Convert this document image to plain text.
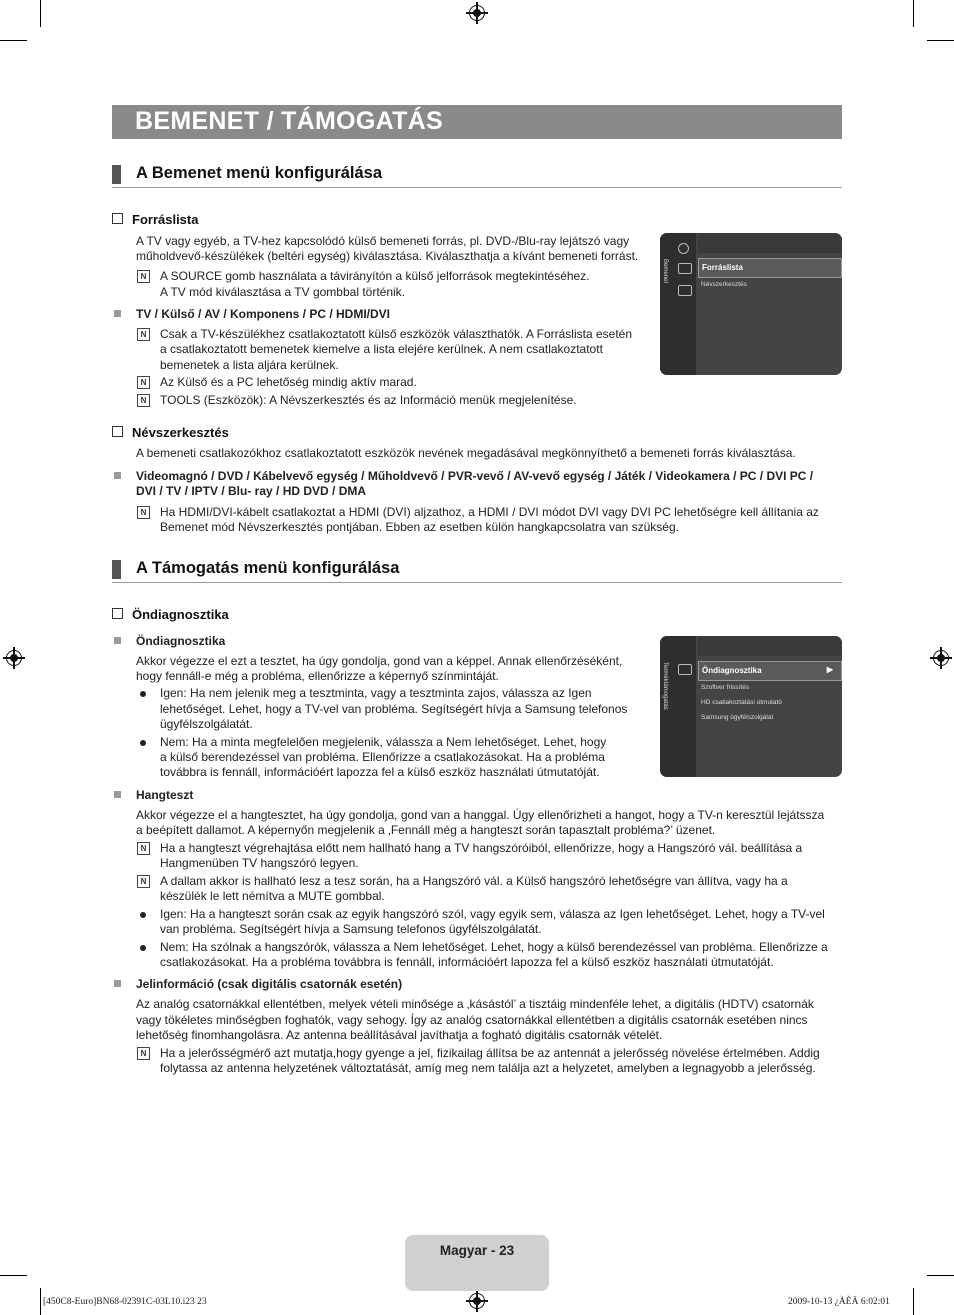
BEMENET / TÁMOGATÁS
A Bemenet menü konfigurálása
Forráslista
A TV vagy egyéb, a TV-hez kapcsolódó külső bemeneti forrás, pl. DVD-/Blu-ray lejátszó vagy
műholdvevő-készülékek (beltéri egység) kiválasztása. Kiválaszthatja a kívánt bemeneti forrást.
N	A SOURCE gomb használata a távirányítón a külső jelforrások megtekintéséhez.
A TV mód kiválasztása a TV gombbal történik.
TV / Külső / AV / Komponens / PC / HDMI/DVI
N	Csak a TV-készülékhez csatlakoztatott külső eszközök választhatók. A Forráslista esetén
a csatlakoztatott bemenetek kiemelve a lista elejére kerülnek. A nem csatlakoztatott
bemenetek a lista aljára kerülnek.
N	Az Külső és a PC lehetőség mindig aktív marad.
N	TOOLS (Eszközök): A Névszerkesztés és az Információ menük megjelenítése.
Bemenet	Forráslista
Névszerkesztés
Névszerkesztés
A bemeneti csatlakozókhoz csatlakoztatott eszközök nevének megadásával megkönnyíthető a bemeneti forrás kiválasztása.
Videomagnó / DVD / Kábelvevő egység / Műholdvevő / PVR-vevő / AV-vevő egység / Játék / Videokamera / PC / DVI PC /
DVI / TV / IPTV / Blu- ray / HD DVD / DMA
N	Ha HDMI/DVI-kábelt csatlakoztat a HDMI (DVI) aljzathoz, a HDMI / DVI módot DVI vagy DVI PC lehetőségre kell állítania az
Bemenet mód Névszerkesztés pontjában. Ebben az esetben külön hangkapcsolatra van szükség.
A Támogatás menü konfigurálása
Öndiagnosztika
Öndiagnosztika
Akkor végezze el ezt a tesztet, ha úgy gondolja, gond van a képpel. Annak ellenőrzéséként,
hogy fennáll-e még a probléma, ellenőrizze a képernyő színmintáját.
Igen: Ha nem jelenik meg a tesztminta, vagy a tesztminta zajos, válassza az Igen
lehetőséget. Lehet, hogy a TV-vel van probléma. Segítségért hívja a Samsung telefonos
ügyfélszolgálatát.
Nem: Ha a minta megfelelően megjelenik, válassza a Nem lehetőséget. Lehet, hogy
a külső berendezéssel van probléma. Ellenőrizze a csatlakozásokat. Ha a probléma
továbbra is fennáll, információért lapozza fel a külső eszköz használati útmutatóját.
Terméktámogatás	Öndiagnosztika	▶
Szoftver frissítés
HD csatlakoztatási útmutató
Samsung ügyfélszolgálat
Hangteszt
Akkor végezze el a hangtesztet, ha úgy gondolja, gond van a hanggal. Úgy ellenőrizheti a hangot, hogy a TV-n keresztül lejátssza
a beépített dallamot. A képernyőn megjelenik a ‚Fennáll még a hangteszt során tapasztalt probléma?’ üzenet.
N	Ha a hangteszt végrehajtása előtt nem hallható hang a TV hangszóróiból, ellenőrizze, hogy a Hangszóró vál. beállítása a
Hangmenüben TV hangszóró legyen.
N	A dallam akkor is hallható lesz a tesz során, ha a Hangszóró vál. a Külső hangszóró lehetőségre van állítva, vagy ha a
készülék le lett némítva a MUTE gombbal.
Igen: Ha a hangteszt során csak az egyik hangszóró szól, vagy egyik sem, válasza az Igen lehetőséget. Lehet, hogy a TV-vel
van probléma. Segítségért hívja a Samsung telefonos ügyfélszolgálatát.
Nem: Ha szólnak a hangszórók, válassza a Nem lehetőséget. Lehet, hogy a külső berendezéssel van probléma. Ellenőrizze a
csatlakozásokat. Ha a probléma továbbra is fennáll, információért lapozza fel a külső eszköz használati útmutatóját.
Jelinformáció (csak digitális csatornák esetén)
Az analóg csatornákkal ellentétben, melyek vételi minősége a ‚kásástól’ a tisztáig mindenféle lehet, a digitális (HDTV) csatornák
vagy tökéletes minőségben foghatók, vagy sehogy. Így az analóg csatornákkal ellentétben a digitális csatornák esetében nincs
lehetőség finomhangolásra. Az antenna beállításával javíthatja a fogható digitális csatornák vételét.
N	Ha a jelerősségmérő azt mutatja,hogy gyenge a jel, fizikailag állítsa be az antennát a jelerősség növelése értelmében. Addig
folytassa az antenna helyzetének változtatását, amíg meg nem találja azt a helyzetet, amelyben a legnagyobb a jelerősség.
Magyar - 23
[450C8-Euro]BN68-02391C-03L10.i23 23	2009-10-13 ¿ÀÈÄ 6:02:01
